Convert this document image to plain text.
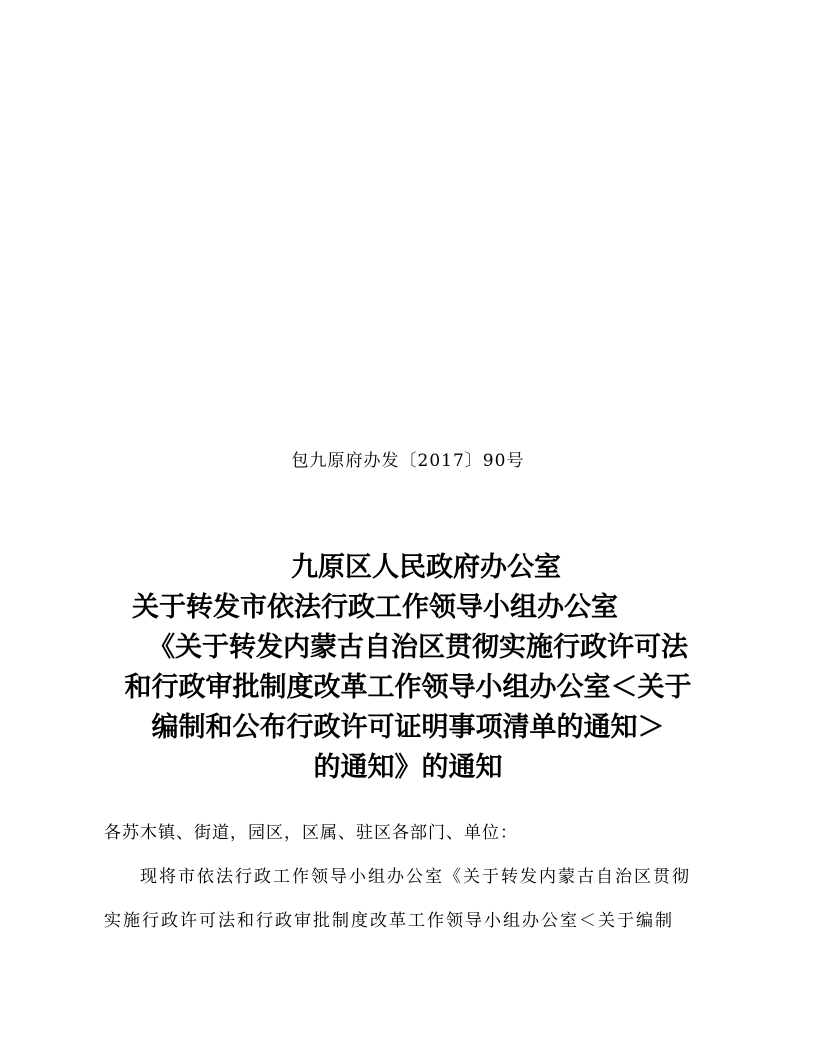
包九原府办发〔2017〕90号
九原区人民政府办公室
关于转发市依法行政工作领导小组办公室
《关于转发内蒙古自治区贯彻实施行政许可法
和行政审批制度改革工作领导小组办公室＜关于
编制和公布行政许可证明事项清单的通知＞
的通知》的通知
各苏木镇、街道，园区，区属、驻区各部门、单位：
现将市依法行政工作领导小组办公室《关于转发内蒙古自治区贯彻
实施行政许可法和行政审批制度改革工作领导小组办公室＜关于编制
